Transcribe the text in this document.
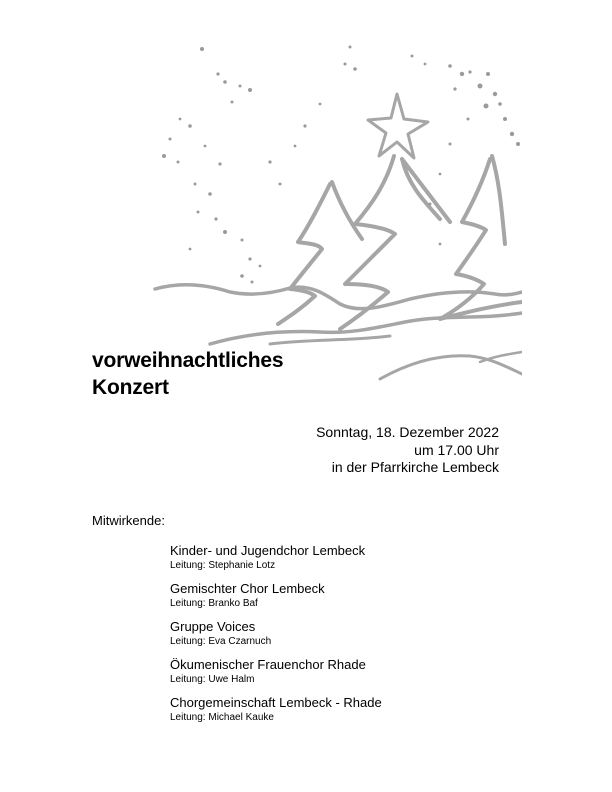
vorweihnachtliches
Konzert
Sonntag, 18. Dezember 2022
um 17.00 Uhr
in der Pfarrkirche Lembeck
Mitwirkende:
Kinder- und Jugendchor Lembeck
Leitung: Stephanie Lotz
Gemischter Chor Lembeck
Leitung: Branko Baf
Gruppe Voices
Leitung: Eva Czarnuch
Ökumenischer Frauenchor Rhade
Leitung: Uwe Halm
Chorgemeinschaft Lembeck - Rhade
Leitung: Michael Kauke
